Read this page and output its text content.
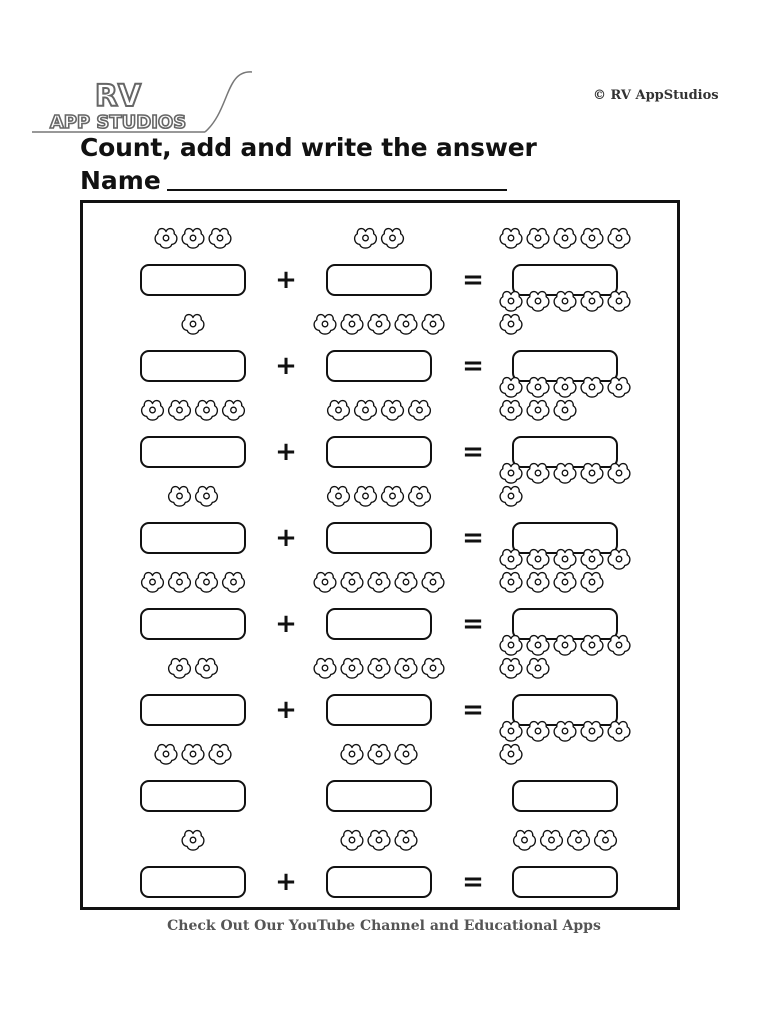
RV
APP STUDIOS
© RV AppStudios
Count, add and write the answer
Name
+	=
+	=
+	=
+	=
+	=
+	=
+	=
Check Out Our YouTube Channel and Educational Apps
